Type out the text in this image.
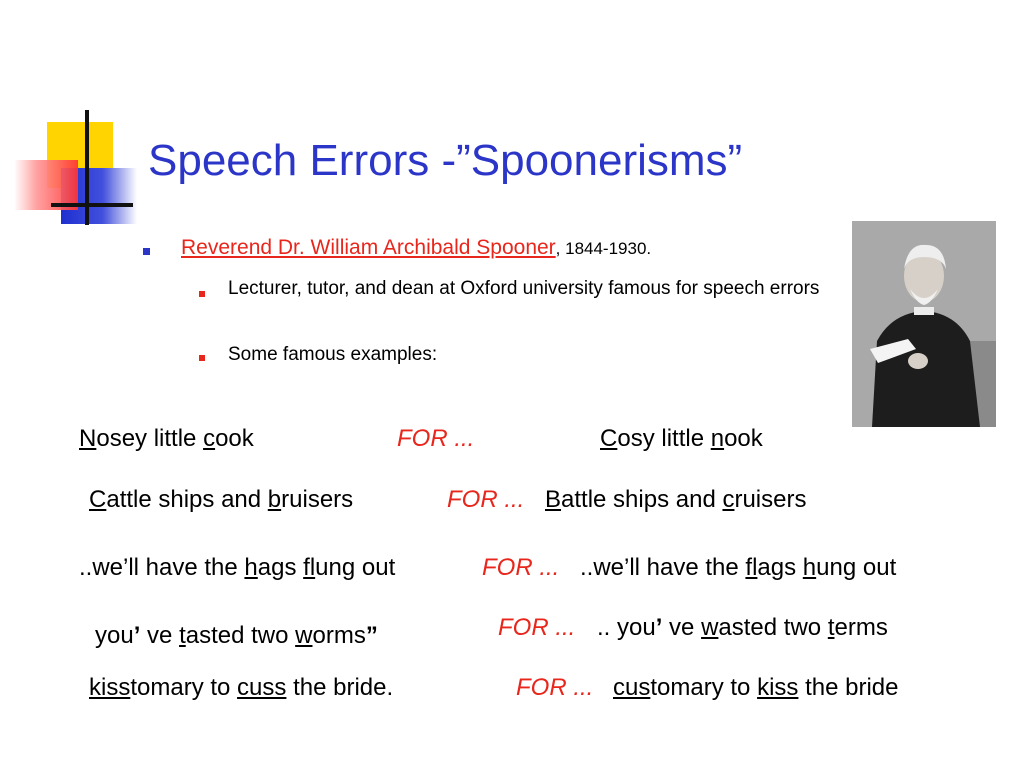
Speech Errors -”Spoonerisms”
Reverend Dr. William Archibald Spooner, 1844-1930.
Lecturer, tutor, and dean at Oxford university famous for speech errors
Some famous examples:
Nosey little cook	FOR ...	Cosy little nook
Cattle ships and bruisers	FOR ... Battle ships and cruisers
..we’ll have the hags flung out	FOR ... ..we’ll have the flags hung out
you’ ve tasted two worms”	FOR ... .. you’ ve wasted two terms
kisstomary to cuss the bride.	FOR ... customary to kiss the bride
